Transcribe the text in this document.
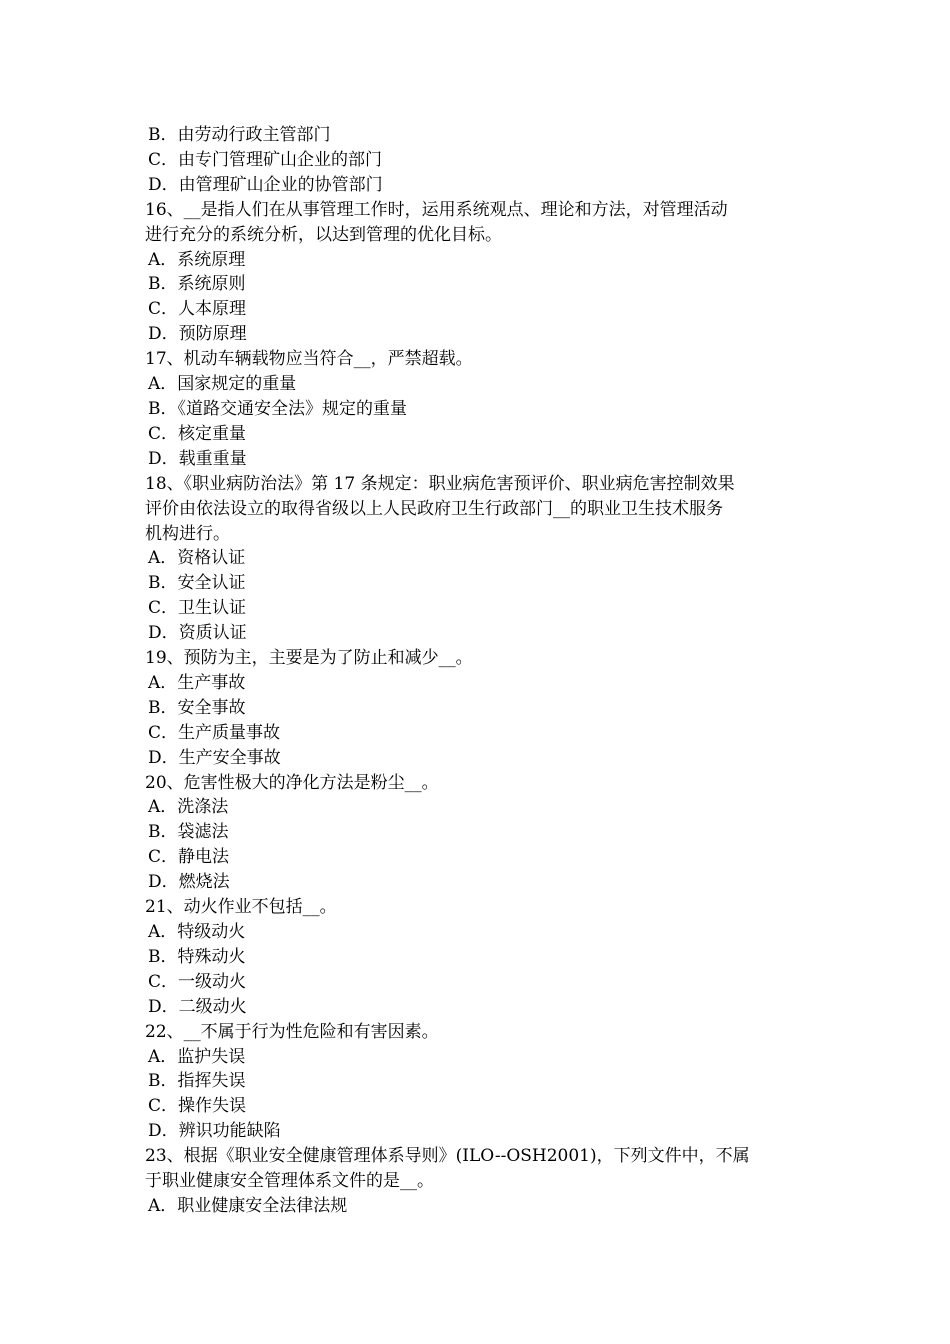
B．由劳动行政主管部门
C．由专门管理矿山企业的部门
D．由管理矿山企业的协管部门
16、__是指人们在从事管理工作时，运用系统观点、理论和方法，对管理活动
进行充分的系统分析，以达到管理的优化目标。
A．系统原理
B．系统原则
C．人本原理
D．预防原理
17、机动车辆载物应当符合__，严禁超载。
A．国家规定的重量
B．《道路交通安全法》规定的重量
C．核定重量
D．载重重量
18、《职业病防治法》第 17 条规定：职业病危害预评价、职业病危害控制效果
评价由依法设立的取得省级以上人民政府卫生行政部门__的职业卫生技术服务
机构进行。
A．资格认证
B．安全认证
C．卫生认证
D．资质认证
19、预防为主，主要是为了防止和减少__。
A．生产事故
B．安全事故
C．生产质量事故
D．生产安全事故
20、危害性极大的净化方法是粉尘__。
A．洗涤法
B．袋滤法
C．静电法
D．燃烧法
21、动火作业不包括__。
A．特级动火
B．特殊动火
C．一级动火
D．二级动火
22、__不属于行为性危险和有害因素。
A．监护失误
B．指挥失误
C．操作失误
D．辨识功能缺陷
23、根据《职业安全健康管理体系导则》(ILO--OSH2001)，下列文件中，不属
于职业健康安全管理体系文件的是__。
A．职业健康安全法律法规
